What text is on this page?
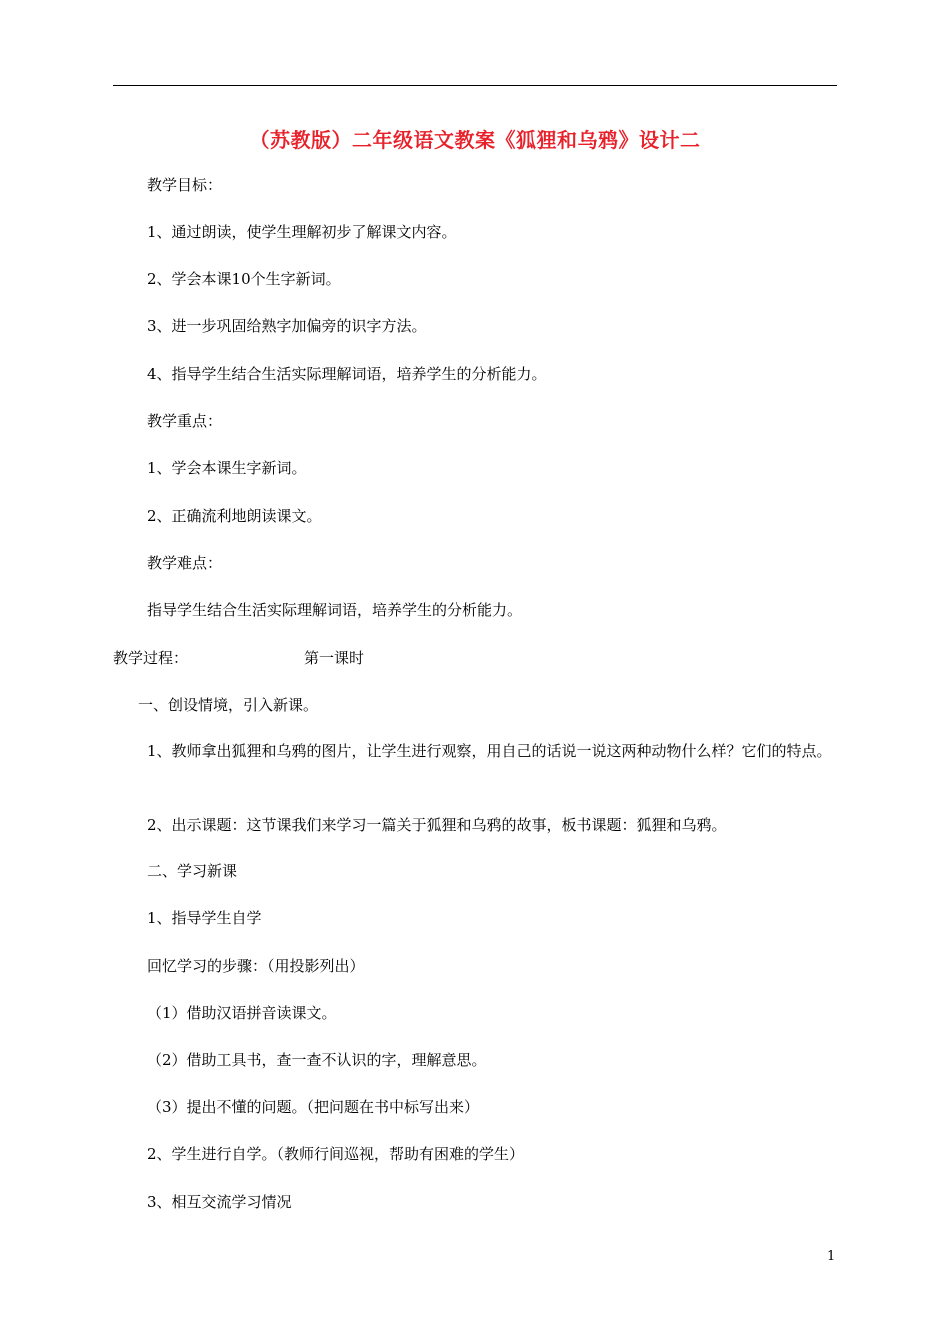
（苏教版）二年级语文教案《狐狸和乌鸦》设计二
教学目标：
1、通过朗读，使学生理解初步了解课文内容。
2、学会本课10个生字新词。
3、进一步巩固给熟字加偏旁的识字方法。
4、指导学生结合生活实际理解词语，培养学生的分析能力。
教学重点：
1、学会本课生字新词。
2、正确流利地朗读课文。
教学难点：
指导学生结合生活实际理解词语，培养学生的分析能力。
教学过程：	第一课时
一、创设情境，引入新课。
1、教师拿出狐狸和乌鸦的图片，让学生进行观察，用自己的话说一说这两种动物什么样？它们的特点。
2、出示课题：这节课我们来学习一篇关于狐狸和乌鸦的故事，板书课题：狐狸和乌鸦。
二、学习新课
1、指导学生自学
回忆学习的步骤：（用投影列出）
（1）借助汉语拼音读课文。
（2）借助工具书，查一查不认识的字，理解意思。
（3）提出不懂的问题。（把问题在书中标写出来）
2、学生进行自学。（教师行间巡视，帮助有困难的学生）
3、相互交流学习情况
1
